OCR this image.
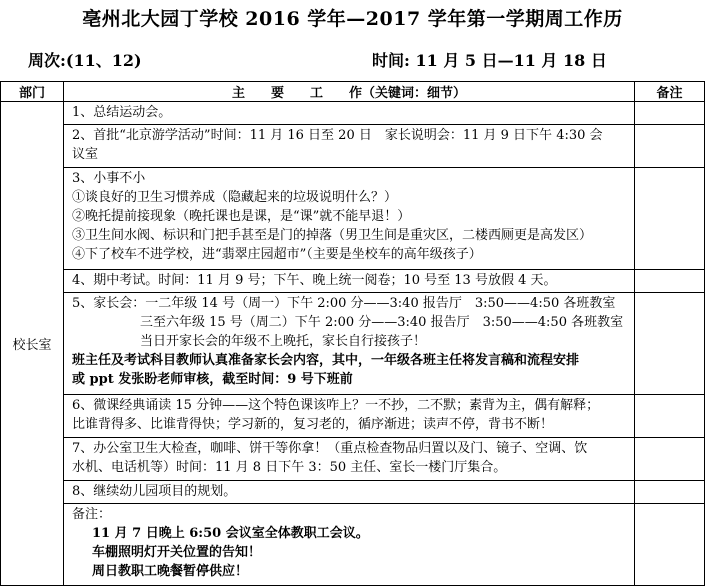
亳州北大园丁学校 2016 学年—2017 学年第一学期周工作历
周次:(11、12)	时间: 11 月 5 日—11 月 18 日
部门	主　　要　　工　　作（关键词：细节）	备注
校长室	1、总结运动会。	

	2、首批“北京游学活动”时间：11 月 16 日至 20 日　家长说明会：11 月 9 日下午 4:30 会
议室	

	3、小事不小
①谈良好的卫生习惯养成（隐藏起来的垃圾说明什么？）
②晚托提前接现象（晚托课也是课，是“课”就不能早退！）
③卫生间水阀、标识和门把手甚至是门的掉落（男卫生间是重灾区，二楼西厕更是高发区）
④下了校车不进学校，进“翡翠庄园超市”（主要是坐校车的高年级孩子）	

	4、期中考试。时间：11 月 9 号；下午、晚上统一阅卷；10 号至 13 号放假 4 天。	

	5、家长会：一二年级 14 号（周一）下午 2:00 分——3:40 报告厅　3:50——4:50 各班教室
三至六年级 15 号（周二）下午 2:00 分——3:40 报告厅　3:50——4:50 各班教室
当日开家长会的年级不上晚托，家长自行接孩子！
班主任及考试科目教师认真准备家长会内容，其中，一年级各班主任将发言稿和流程安排
或 ppt 发张盼老师审核，截至时间：9 号下班前	

	6、微课经典诵读 15 分钟——这个特色课该咋上？一不抄，二不默；素背为主，偶有解释；
比谁背得多、比谁背得快；学习新的，复习老的，循序渐进；读声不停，背书不断！	

	7、办公室卫生大检查，咖啡、饼干等你拿！（重点检查物品归置以及门、镜子、空调、饮
水机、电话机等）时间：11 月 8 日下午 3：50 主任、室长一楼门厅集合。	

	8、继续幼儿园项目的规划。	

	备注：
11 月 7 日晚上 6:50 会议室全体教职工会议。
车棚照明灯开关位置的告知！
周日教职工晚餐暂停供应！	
